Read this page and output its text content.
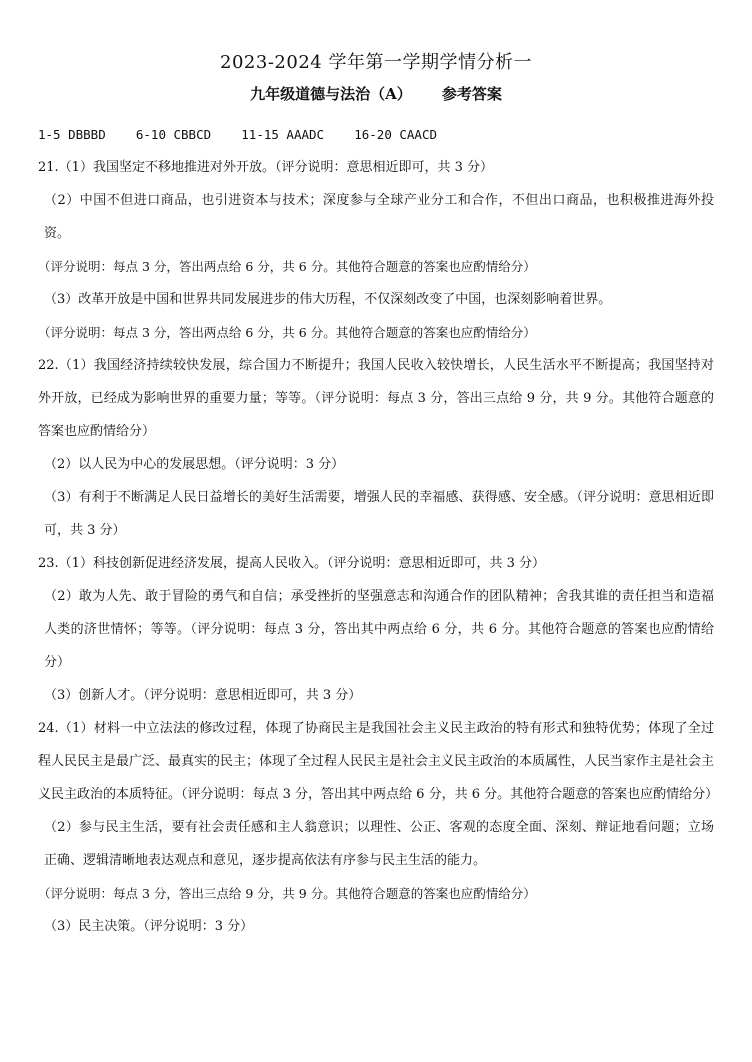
2023-2024 学年第一学期学情分析一
九年级道德与法治（A） 参考答案
1-5 DBBBD 6-10 CBBCD 11-15 AAADC 16-20 CAACD
21.（1）我国坚定不移地推进对外开放。（评分说明：意思相近即可，共 3 分）
（2）中国不但进口商品，也引进资本与技术；深度参与全球产业分工和合作，不但出口商品，也积极推进海外投资。
（评分说明：每点 3 分，答出两点给 6 分，共 6 分。其他符合题意的答案也应酌情给分）
（3）改革开放是中国和世界共同发展进步的伟大历程，不仅深刻改变了中国，也深刻影响着世界。
（评分说明：每点 3 分，答出两点给 6 分，共 6 分。其他符合题意的答案也应酌情给分）
22.（1）我国经济持续较快发展，综合国力不断提升；我国人民收入较快增长，人民生活水平不断提高；我国坚持对外开放，已经成为影响世界的重要力量；等等。（评分说明：每点 3 分，答出三点给 9 分，共 9 分。其他符合题意的答案也应酌情给分）
（2）以人民为中心的发展思想。（评分说明：3 分）
（3）有利于不断满足人民日益增长的美好生活需要，增强人民的幸福感、获得感、安全感。（评分说明：意思相近即可，共 3 分）
23.（1）科技创新促进经济发展，提高人民收入。（评分说明：意思相近即可，共 3 分）
（2）敢为人先、敢于冒险的勇气和自信；承受挫折的坚强意志和沟通合作的团队精神；舍我其谁的责任担当和造福人类的济世情怀；等等。（评分说明：每点 3 分，答出其中两点给 6 分，共 6 分。其他符合题意的答案也应酌情给分）
（3）创新人才。（评分说明：意思相近即可，共 3 分）
24.（1）材料一中立法法的修改过程，体现了协商民主是我国社会主义民主政治的特有形式和独特优势；体现了全过程人民民主是最广泛、最真实的民主；体现了全过程人民民主是社会主义民主政治的本质属性，人民当家作主是社会主义民主政治的本质特征。（评分说明：每点 3 分，答出其中两点给 6 分，共 6 分。其他符合题意的答案也应酌情给分）
（2）参与民主生活，要有社会责任感和主人翁意识；以理性、公正、客观的态度全面、深刻、辩证地看问题；立场正确、逻辑清晰地表达观点和意见，逐步提高依法有序参与民主生活的能力。
（评分说明：每点 3 分，答出三点给 9 分，共 9 分。其他符合题意的答案也应酌情给分）
（3）民主决策。（评分说明：3 分）
